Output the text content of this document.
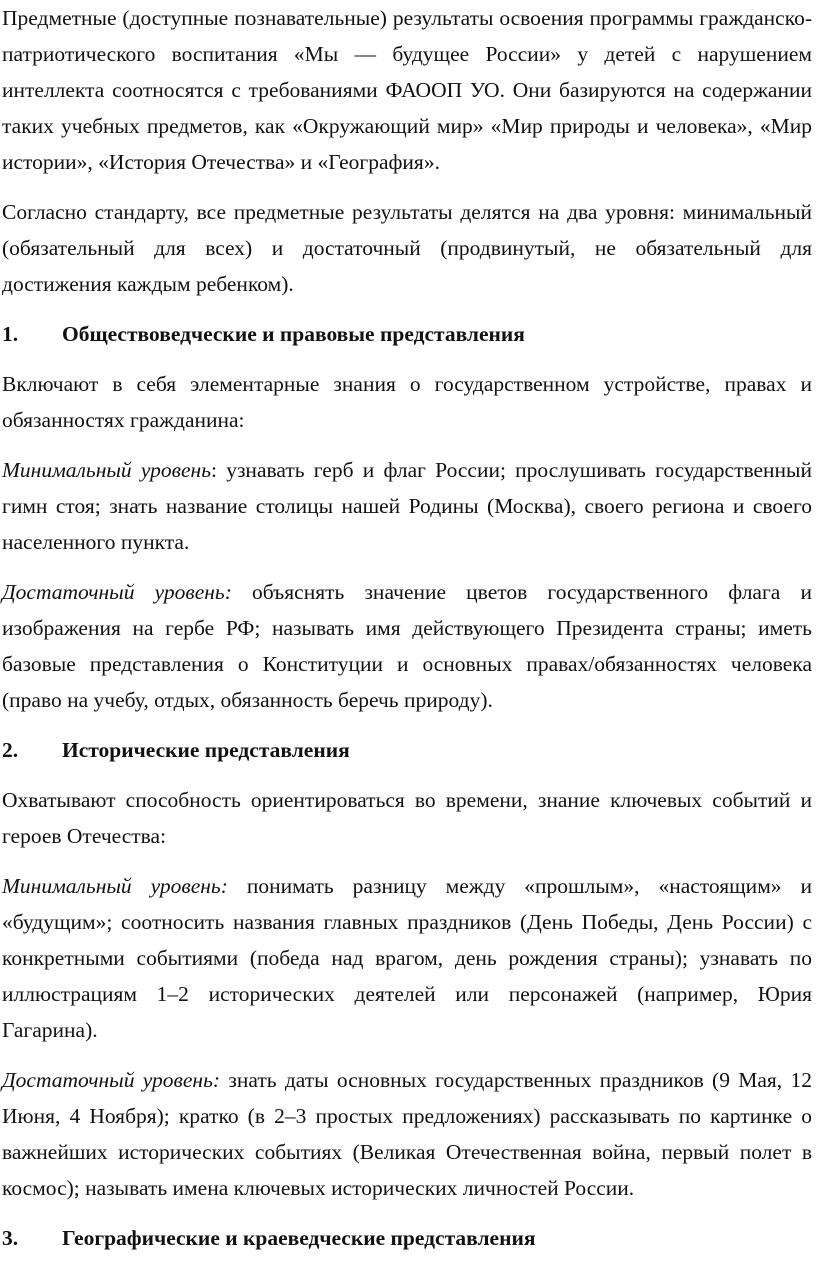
Предметные (доступные познавательные) результаты освоения программы гражданско-патриотического воспитания «Мы — будущее России» у детей с нарушением интеллекта соотносятся с требованиями ФАООП УО. Они базируются на содержании таких учебных предметов, как «Окружающий мир» «Мир природы и человека», «Мир истории», «История Отечества» и «География».

Согласно стандарту, все предметные результаты делятся на два уровня: минимальный (обязательный для всех) и достаточный (продвинутый, не обязательный для достижения каждым ребенком).

1.	Обществоведческие и правовые представления

Включают в себя элементарные знания о государственном устройстве, правах и обязанностях гражданина:

Минимальный уровень: узнавать герб и флаг России; прослушивать государственный гимн стоя; знать название столицы нашей Родины (Москва), своего региона и своего населенного пункта.

Достаточный уровень: объяснять значение цветов государственного флага и изображения на гербе РФ; называть имя действующего Президента страны; иметь базовые представления о Конституции и основных правах/обязанностях человека (право на учебу, отдых, обязанность беречь природу).

2.	Исторические представления

Охватывают способность ориентироваться во времени, знание ключевых событий и героев Отечества:

Минимальный уровень: понимать разницу между «прошлым», «настоящим» и «будущим»; соотносить названия главных праздников (День Победы, День России) с конкретными событиями (победа над врагом, день рождения страны); узнавать по иллюстрациям 1–2 исторических деятелей или персонажей (например, Юрия Гагарина).

Достаточный уровень: знать даты основных государственных праздников (9 Мая, 12 Июня, 4 Ноября); кратко (в 2–3 простых предложениях) рассказывать по картинке о важнейших исторических событиях (Великая Отечественная война, первый полет в космос); называть имена ключевых исторических личностей России.

3.	Географические и краеведческие представления
